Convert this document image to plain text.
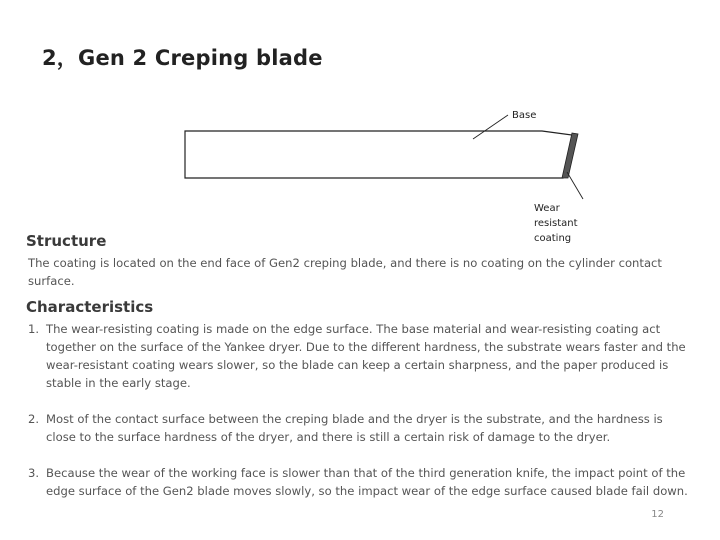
2，Gen 2 Creping blade
Base
Wear
resistant
coating
Structure
The coating is located on the end face of Gen2 creping blade, and there is no coating on the cylinder contact surface.
Characteristics
1. The wear-resisting coating is made on the edge surface. The base material and wear-resisting coating act together on the surface of the Yankee dryer. Due to the different hardness, the substrate wears faster and the wear-resistant coating wears slower, so the blade can keep a certain sharpness, and the paper produced is stable in the early stage.
2. Most of the contact surface between the creping blade and the dryer is the substrate, and the hardness is close to the surface hardness of the dryer, and there is still a certain risk of damage to the dryer.
3. Because the wear of the working face is slower than that of the third generation knife, the impact point of the edge surface of the Gen2 blade moves slowly, so the impact wear of the edge surface caused blade fail down.
12
